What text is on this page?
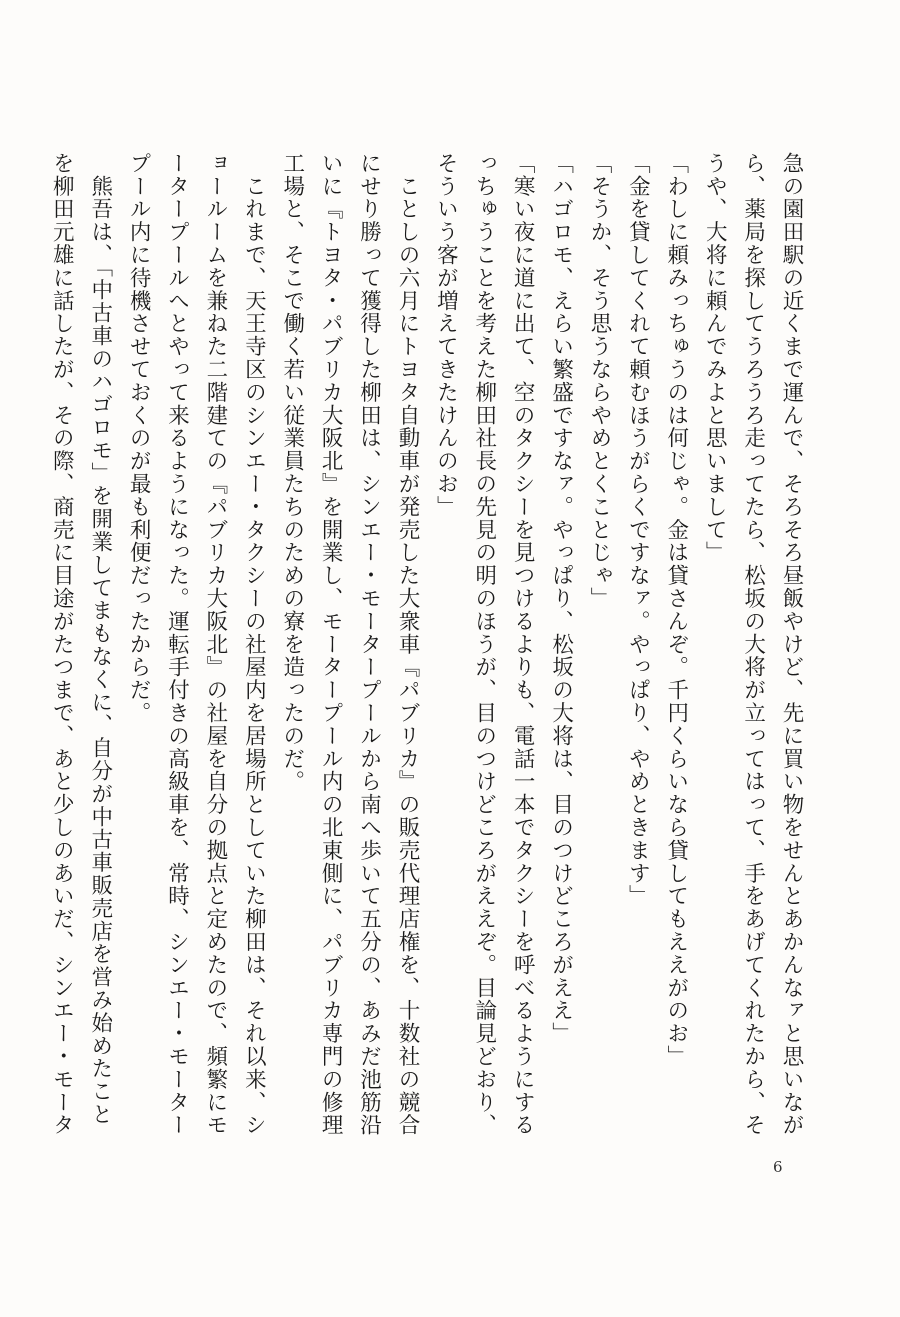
急の園田駅の近くまで運んで、そろそろ昼飯やけど、先に買い物をせんとあかんなァと思いなが
ら、薬局を探してうろうろ走ってたら、松坂の大将が立ってはって、手をあげてくれたから、そ
うや、大将に頼んでみよと思いまして」
「わしに頼みっちゅうのは何じゃ。金は貸さんぞ。千円くらいなら貸してもええがのお」
「金を貸してくれて頼むほうがらくですなァ。やっぱり、やめときます」
「そうか、そう思うならやめとくことじゃ」
「ハゴロモ、えらい繁盛ですなァ。やっぱり、松坂の大将は、目のつけどころがええ」
「寒い夜に道に出て、空のタクシーを見つけるよりも、電話一本でタクシーを呼べるようにする
っちゅうことを考えた柳田社長の先見の明のほうが、目のつけどころがええぞ。目論見どおり、
そういう客が増えてきたけんのお」
　ことしの六月にトヨタ自動車が発売した大衆車『パブリカ』の販売代理店権を、十数社の競合
にせり勝って獲得した柳田は、シンエー・モータープールから南へ歩いて五分の、あみだ池筋沿
いに『トヨタ・パブリカ大阪北』を開業し、モータープール内の北東側に、パブリカ専門の修理
工場と、そこで働く若い従業員たちのための寮を造ったのだ。
　これまで、天王寺区のシンエー・タクシーの社屋内を居場所としていた柳田は、それ以来、シ
ョールームを兼ねた二階建ての『パブリカ大阪北』の社屋を自分の拠点と定めたので、頻繁にモ
ータープールへとやって来るようになった。運転手付きの高級車を、常時、シンエー・モーター
プール内に待機させておくのが最も利便だったからだ。
　熊吾は、「中古車のハゴロモ」を開業してまもなくに、自分が中古車販売店を営み始めたこと
を柳田元雄に話したが、その際、商売に目途がたつまで、あと少しのあいだ、シンエー・モータ
6
